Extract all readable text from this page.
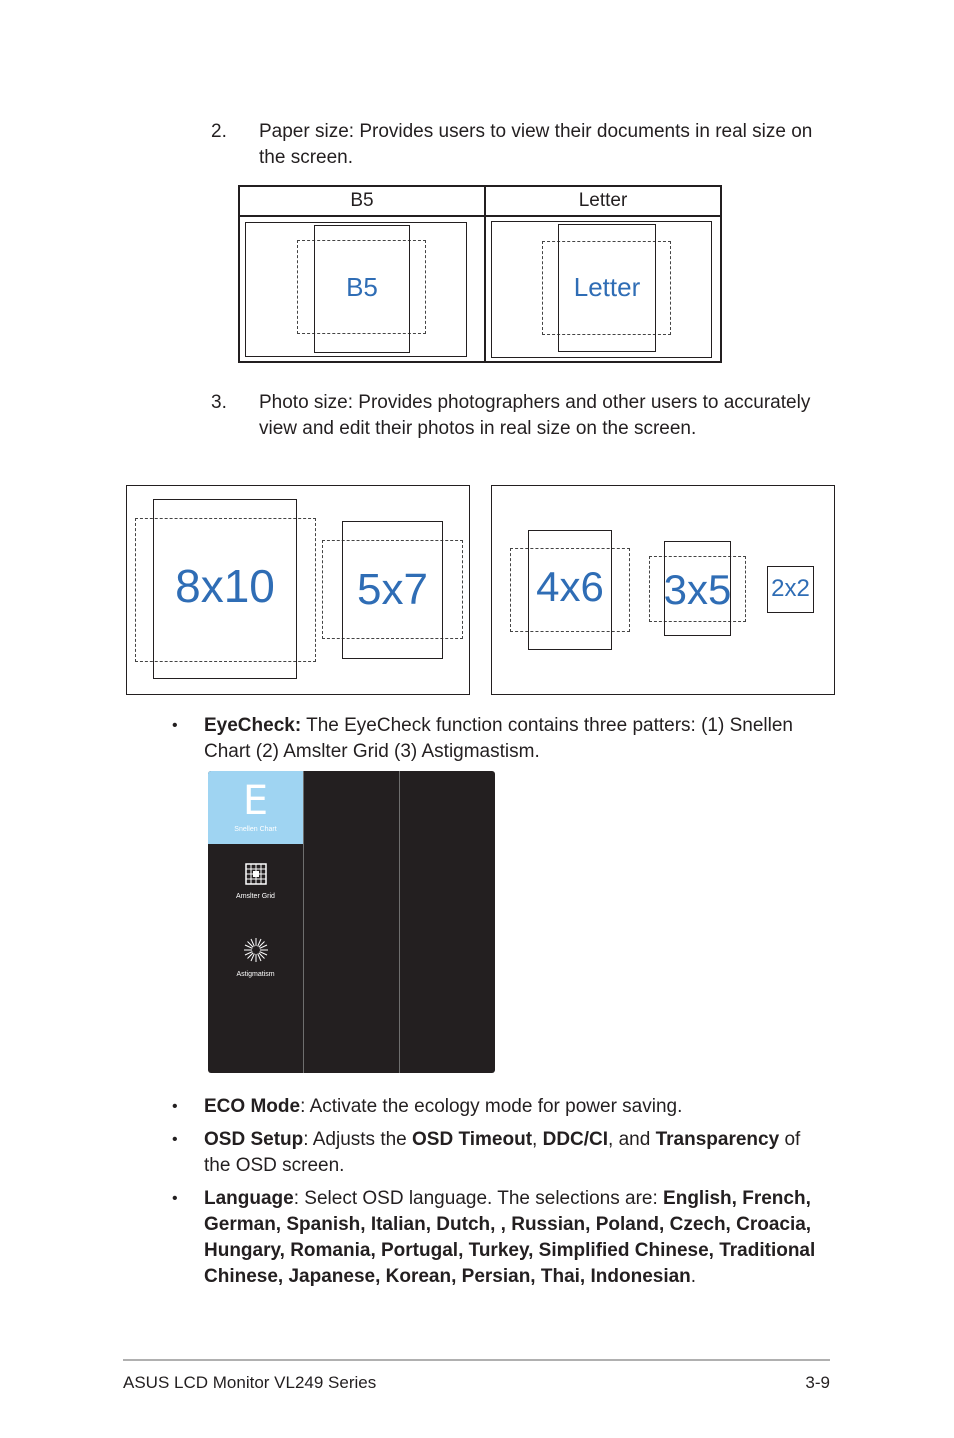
2. Paper size: Provides users to view their documents in real size on the screen.
B5	Letter
B5	Letter
3. Photo size: Provides photographers and other users to accurately view and edit their photos in real size on the screen.
8x10	5x7	4x6 3x5	2x2
• EyeCheck: The EyeCheck function contains three patters: (1) Snellen Chart (2) Amslter Grid (3) Astigmastism.
E
Snellen Chart
Amslter Grid
Astigmatism
• ECO Mode: Activate the ecology mode for power saving.
• OSD Setup: Adjusts the OSD Timeout, DDC/CI, and Transparency of the OSD screen.
• Language: Select OSD language. The selections are: English, French, German, Spanish, Italian, Dutch, , Russian, Poland, Czech, Croacia, Hungary, Romania, Portugal, Turkey, Simplified Chinese, Traditional Chinese, Japanese, Korean, Persian, Thai, Indonesian.
ASUS LCD Monitor VL249 Series	3-9
